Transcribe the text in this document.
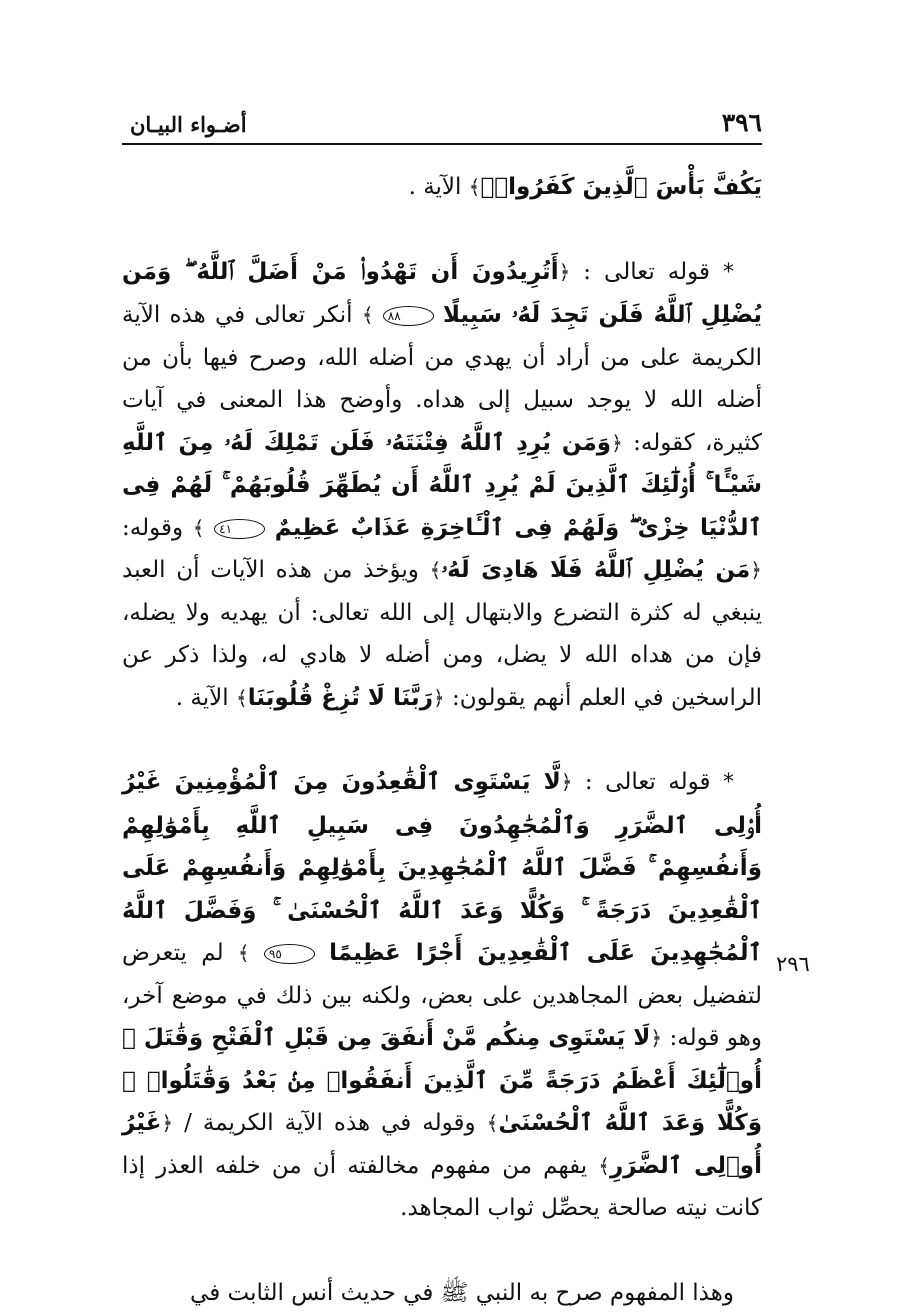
٣٩٦
أضـواء البيـان

يَكُفَّ بَأْسَ ٱلَّذِينَ كَفَرُوا۟ۚ﴾ الآية .

* قوله تعالى : ﴿أَتُرِيدُونَ أَن تَهْدُوا۟ مَنْ أَضَلَّ ٱللَّهُ ۖ وَمَن يُضْلِلِ ٱللَّهُ فَلَن تَجِدَ لَهُۥ سَبِيلًا ٨٨ ﴾ أنكر تعالى في هذه الآية الكريمة على من أراد أن يهدي من أضله الله، وصرح فيها بأن من أضله الله لا يوجد سبيل إلى هداه. وأوضح هذا المعنى في آيات كثيرة، كقوله: ﴿وَمَن يُرِدِ ٱللَّهُ فِتْنَتَهُۥ فَلَن تَمْلِكَ لَهُۥ مِنَ ٱللَّهِ شَيْـًٔا ۚ أُو۟لَٰٓئِكَ ٱلَّذِينَ لَمْ يُرِدِ ٱللَّهُ أَن يُطَهِّرَ قُلُوبَهُمْ ۚ لَهُمْ فِى ٱلدُّنْيَا خِزْىٌ ۖ وَلَهُمْ فِى ٱلْـَٔاخِرَةِ عَذَابٌ عَظِيمٌ ٤١ ﴾ وقوله: ﴿مَن يُضْلِلِ ٱللَّهُ فَلَا هَادِىَ لَهُۥ﴾ ويؤخذ من هذه الآيات أن العبد ينبغي له كثرة التضرع والابتهال إلى الله تعالى: أن يهديه ولا يضله، فإن من هداه الله لا يضل، ومن أضله لا هادي له، ولذا ذكر عن الراسخين في العلم أنهم يقولون: ﴿رَبَّنَا لَا تُزِغْ قُلُوبَنَا﴾ الآية .

* قوله تعالى : ﴿لَّا يَسْتَوِى ٱلْقَٰعِدُونَ مِنَ ٱلْمُؤْمِنِينَ غَيْرُ أُو۟لِى ٱلضَّرَرِ وَٱلْمُجَٰهِدُونَ فِى سَبِيلِ ٱللَّهِ بِأَمْوَٰلِهِمْ وَأَنفُسِهِمْ ۚ فَضَّلَ ٱللَّهُ ٱلْمُجَٰهِدِينَ بِأَمْوَٰلِهِمْ وَأَنفُسِهِمْ عَلَى ٱلْقَٰعِدِينَ دَرَجَةً ۚ وَكُلًّا وَعَدَ ٱللَّهُ ٱلْحُسْنَىٰ ۚ وَفَضَّلَ ٱللَّهُ ٱلْمُجَٰهِدِينَ عَلَى ٱلْقَٰعِدِينَ أَجْرًا عَظِيمًا ٩٥ ﴾ لم يتعرض لتفضيل بعض المجاهدين على بعض، ولكنه بين ذلك في موضع آخر، وهو قوله: ﴿لَا يَسْتَوِى مِنكُم مَّنْ أَنفَقَ مِن قَبْلِ ٱلْفَتْحِ وَقَٰتَلَ ۚ أُو۟لَٰٓئِكَ أَعْظَمُ دَرَجَةً مِّنَ ٱلَّذِينَ أَنفَقُوا۟ مِنۢ بَعْدُ وَقَٰتَلُوا۟ ۚ وَكُلًّا وَعَدَ ٱللَّهُ ٱلْحُسْنَىٰ﴾ وقوله في هذه الآية الكريمة / ﴿غَيْرُ أُو۟لِى ٱلضَّرَرِ﴾ يفهم من مفهوم مخالفته أن من خلفه العذر إذا كانت نيته صالحة يحصِّل ثواب المجاهد.

وهذا المفهوم صرح به النبي ﷺ في حديث أنس الثابت في

٢٩٦
